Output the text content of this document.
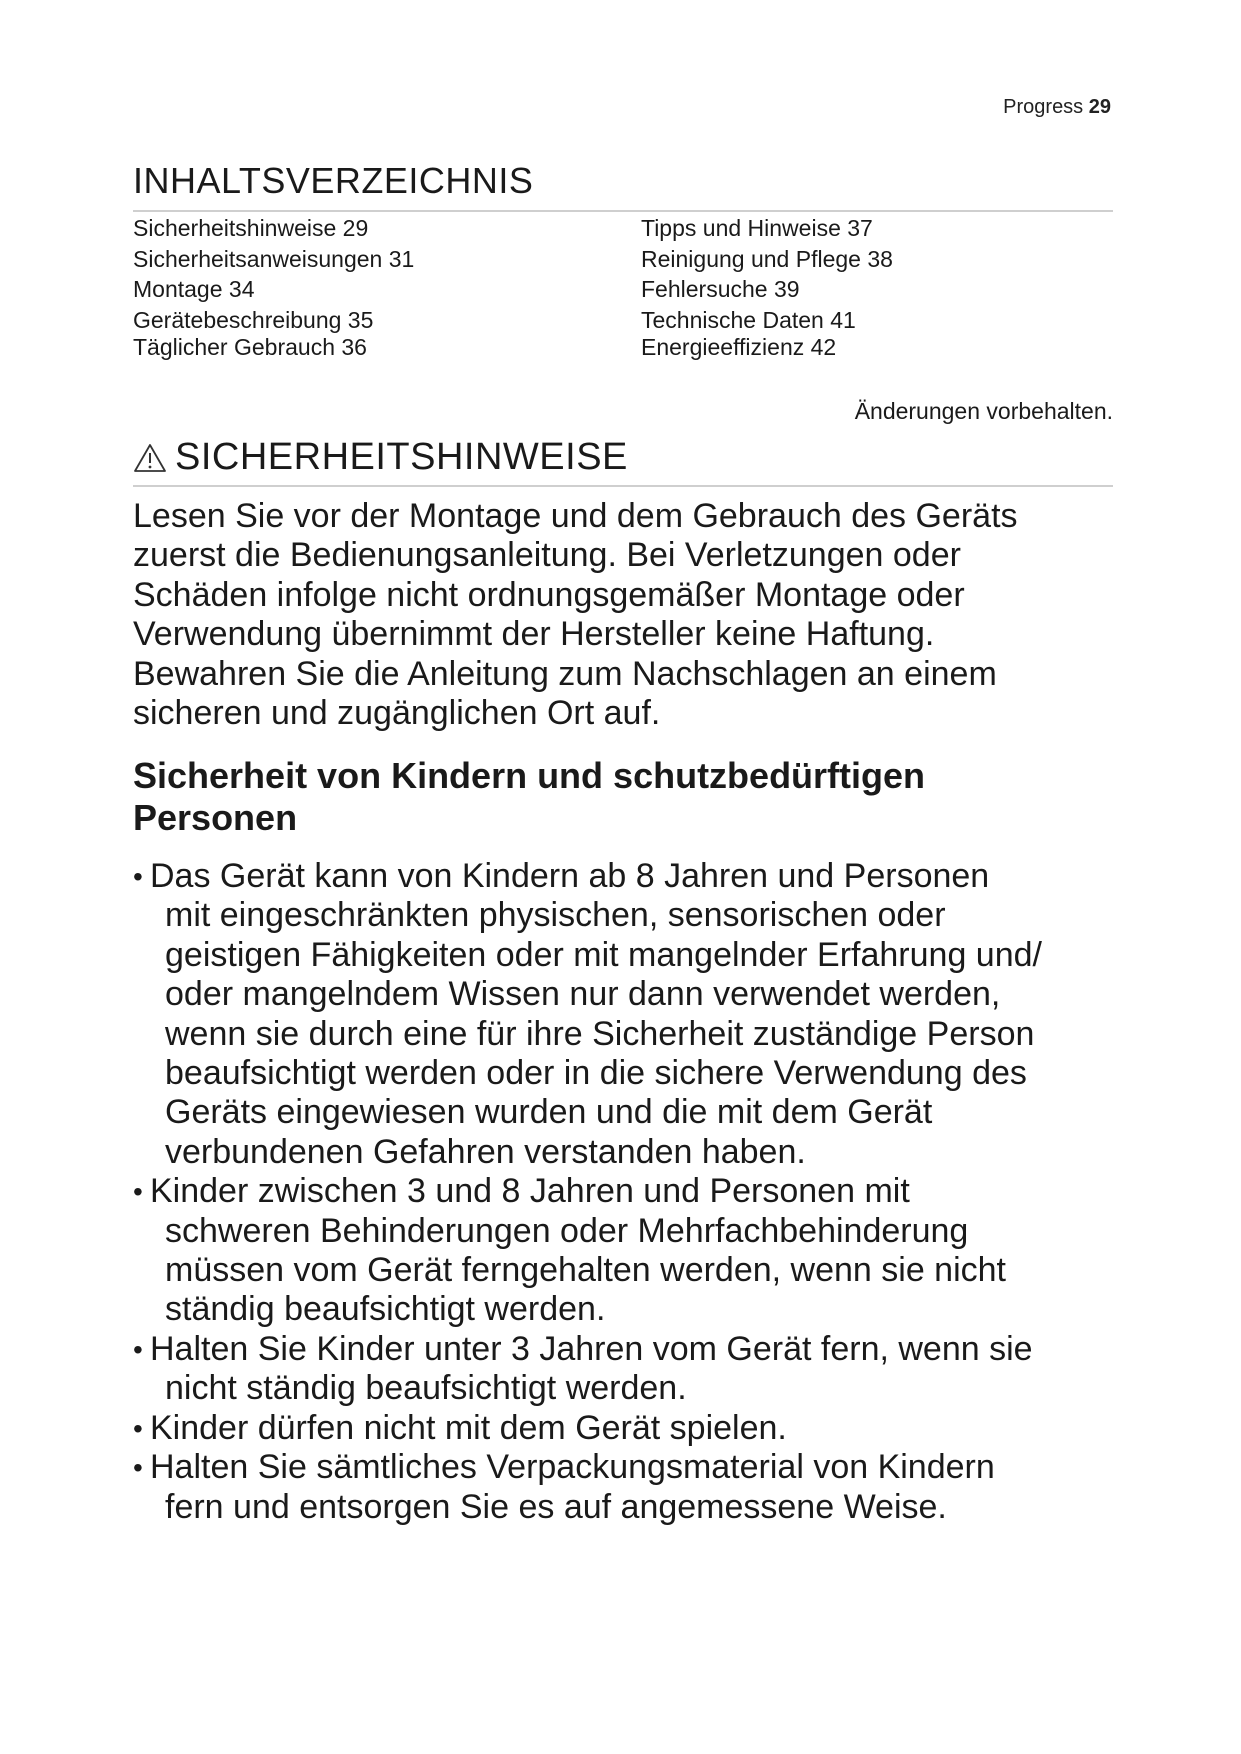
Progress 29
INHALTSVERZEICHNIS
Sicherheitshinweise 29
Sicherheitsanweisungen 31
Montage 34
Gerätebeschreibung 35
Täglicher Gebrauch 36
Tipps und Hinweise 37
Reinigung und Pflege 38
Fehlersuche 39
Technische Daten 41
Energieeffizienz 42
Änderungen vorbehalten.
SICHERHEITSHINWEISE
Lesen Sie vor der Montage und dem Gebrauch des Geräts
zuerst die Bedienungsanleitung. Bei Verletzungen oder
Schäden infolge nicht ordnungsgemäßer Montage oder
Verwendung übernimmt der Hersteller keine Haftung.
Bewahren Sie die Anleitung zum Nachschlagen an einem
sicheren und zugänglichen Ort auf.
Sicherheit von Kindern und schutzbedürftigen
Personen
• Das Gerät kann von Kindern ab 8 Jahren und Personen
mit eingeschränkten physischen, sensorischen oder
geistigen Fähigkeiten oder mit mangelnder Erfahrung und/
oder mangelndem Wissen nur dann verwendet werden,
wenn sie durch eine für ihre Sicherheit zuständige Person
beaufsichtigt werden oder in die sichere Verwendung des
Geräts eingewiesen wurden und die mit dem Gerät
verbundenen Gefahren verstanden haben.
• Kinder zwischen 3 und 8 Jahren und Personen mit
schweren Behinderungen oder Mehrfachbehinderung
müssen vom Gerät ferngehalten werden, wenn sie nicht
ständig beaufsichtigt werden.
• Halten Sie Kinder unter 3 Jahren vom Gerät fern, wenn sie
nicht ständig beaufsichtigt werden.
• Kinder dürfen nicht mit dem Gerät spielen.
• Halten Sie sämtliches Verpackungsmaterial von Kindern
fern und entsorgen Sie es auf angemessene Weise.
